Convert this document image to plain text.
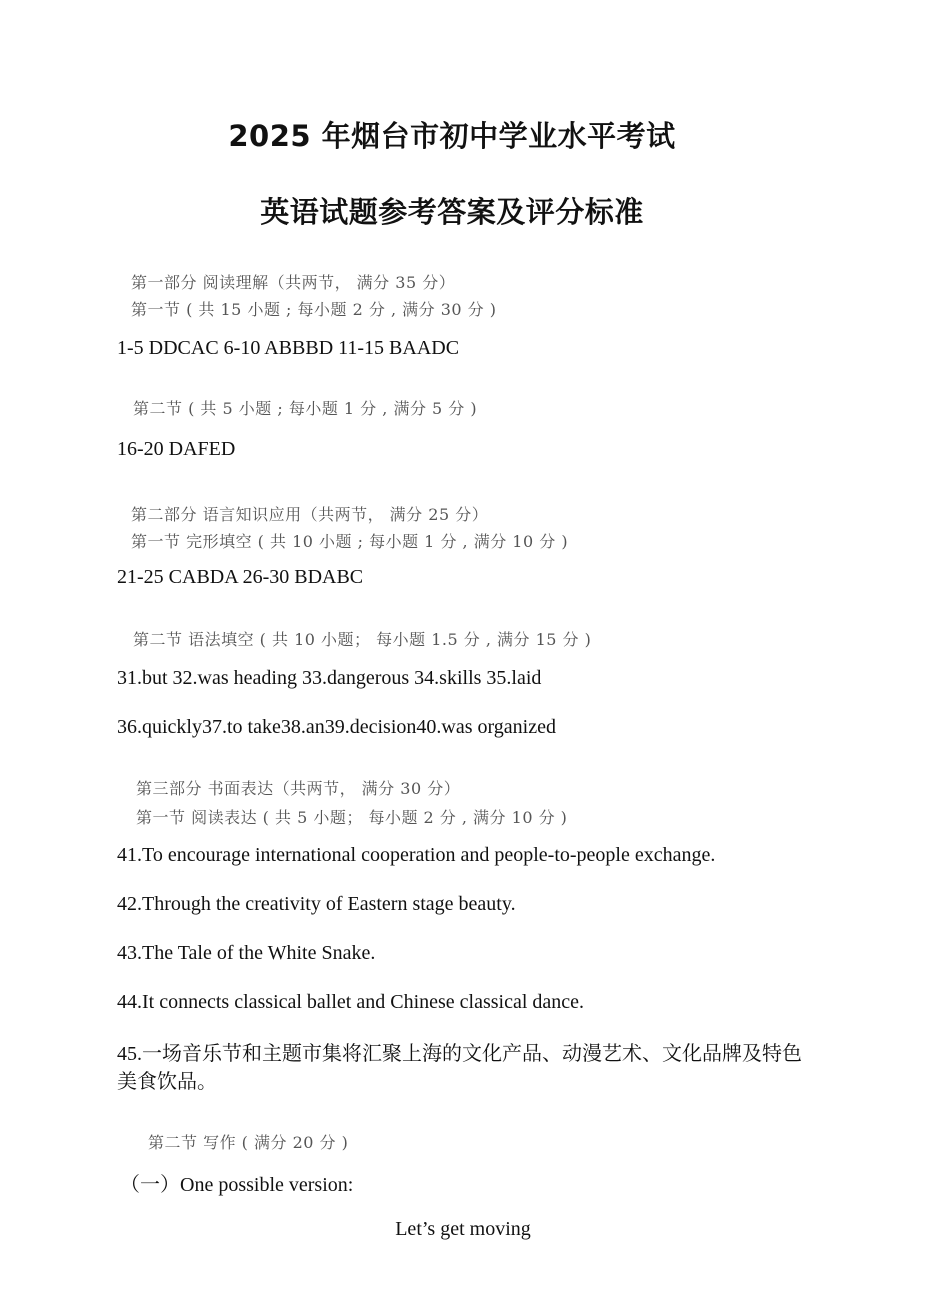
2025 年烟台市初中学业水平考试
英语试题参考答案及评分标准
第一部分 阅读理解（共两节， 满分 35 分）
第一节 ( 共 15 小题 ; 每小题 2 分 , 满分 30 分 )
1-5 DDCAC 6-10 ABBBD 11-15 BAADC
第二节 ( 共 5 小题 ; 每小题 1 分 , 满分 5 分 )
16-20 DAFED
第二部分 语言知识应用（共两节， 满分 25 分）
第一节 完形填空 ( 共 10 小题 ; 每小题 1 分 , 满分 10 分 )
21-25 CABDA 26-30 BDABC
第二节 语法填空 ( 共 10 小题； 每小题 1.5 分 , 满分 15 分 )
31.but 32.was heading 33.dangerous 34.skills 35.laid
36.quickly37.to take38.an39.decision40.was organized
第三部分 书面表达（共两节， 满分 30 分）
第一节 阅读表达 ( 共 5 小题； 每小题 2 分 , 满分 10 分 )
41.To encourage international cooperation and people-to-people exchange.
42.Through the creativity of Eastern stage beauty.
43.The Tale of the White Snake.
44.It connects classical ballet and Chinese classical dance.
45.一场音乐节和主题市集将汇聚上海的文化产品、动漫艺术、文化品牌及特色美食饮品。
第二节 写作 ( 满分 20 分 )
（一）One possible version:
Let’s get moving
